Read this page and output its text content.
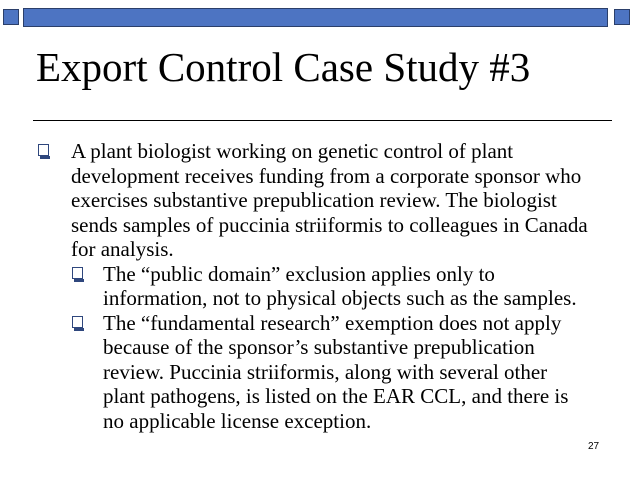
Export Control Case Study #3
A plant biologist working on genetic control of plant
development receives funding from a corporate sponsor who
exercises substantive prepublication review. The biologist
sends samples of puccinia striiformis to colleagues in Canada
for analysis.
The “public domain” exclusion applies only to
information, not to physical objects such as the samples.
The “fundamental research” exemption does not apply
because of the sponsor’s substantive prepublication
review. Puccinia striiformis, along with several other
plant pathogens, is listed on the EAR CCL, and there is
no applicable license exception.
27
